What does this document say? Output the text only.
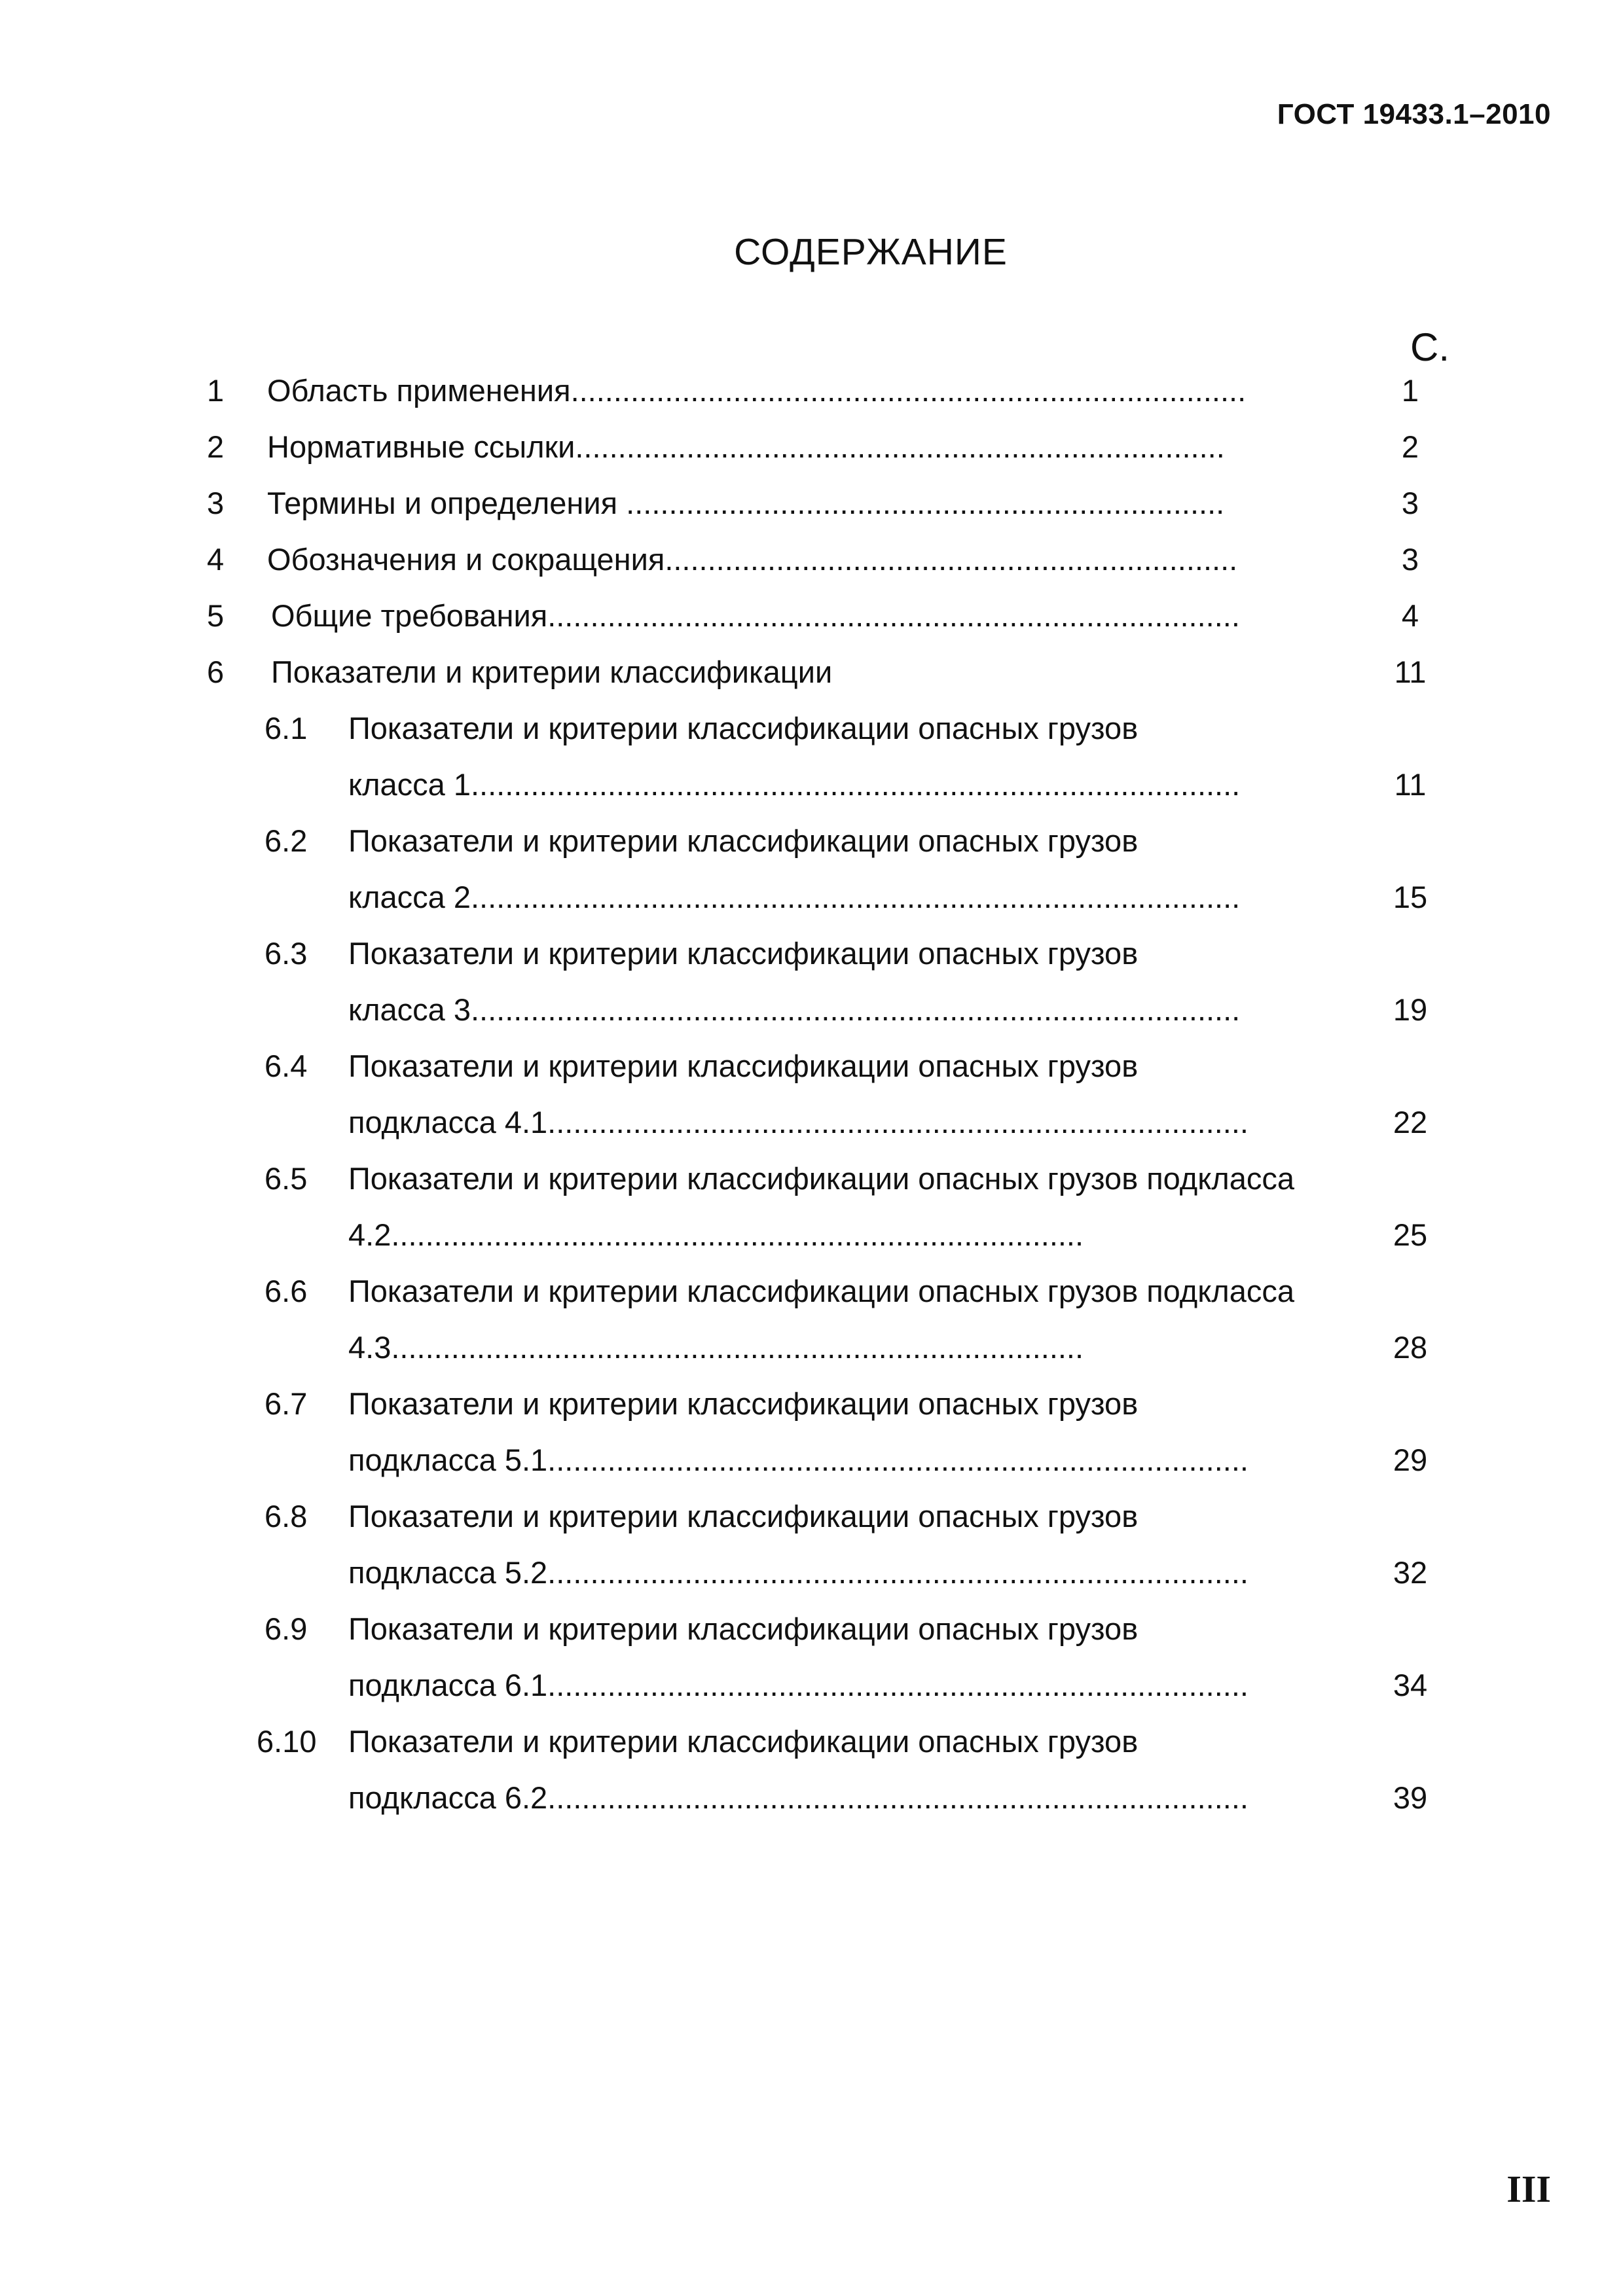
ГОСТ 19433.1–2010
СОДЕРЖАНИЕ
С.
1 Область применения...............................................................................	1
2 Нормативные ссылки............................................................................	2
3 Термины и определения ......................................................................	3
4 Обозначения и сокращения...................................................................	3
5 Общие требования.................................................................................	4
6 Показатели и критерии классификации	11
6.1 Показатели и критерии классификации опасных грузов
класса 1..........................................................................................	11
6.2 Показатели и критерии классификации опасных грузов
класса 2..........................................................................................	15
6.3 Показатели и критерии классификации опасных грузов
класса 3..........................................................................................	19
6.4 Показатели и критерии классификации опасных грузов
подкласса 4.1..................................................................................	22
6.5 Показатели и критерии классификации опасных грузов подкласса
4.2.................................................................................	25
6.6 Показатели и критерии классификации опасных грузов подкласса
4.3.................................................................................	28
6.7 Показатели и критерии классификации опасных грузов
подкласса 5.1..................................................................................	29
6.8 Показатели и критерии классификации опасных грузов
подкласса 5.2..................................................................................	32
6.9 Показатели и критерии классификации опасных грузов
подкласса 6.1..................................................................................	34
6.10 Показатели и критерии классификации опасных грузов
подкласса 6.2..................................................................................	39
III
